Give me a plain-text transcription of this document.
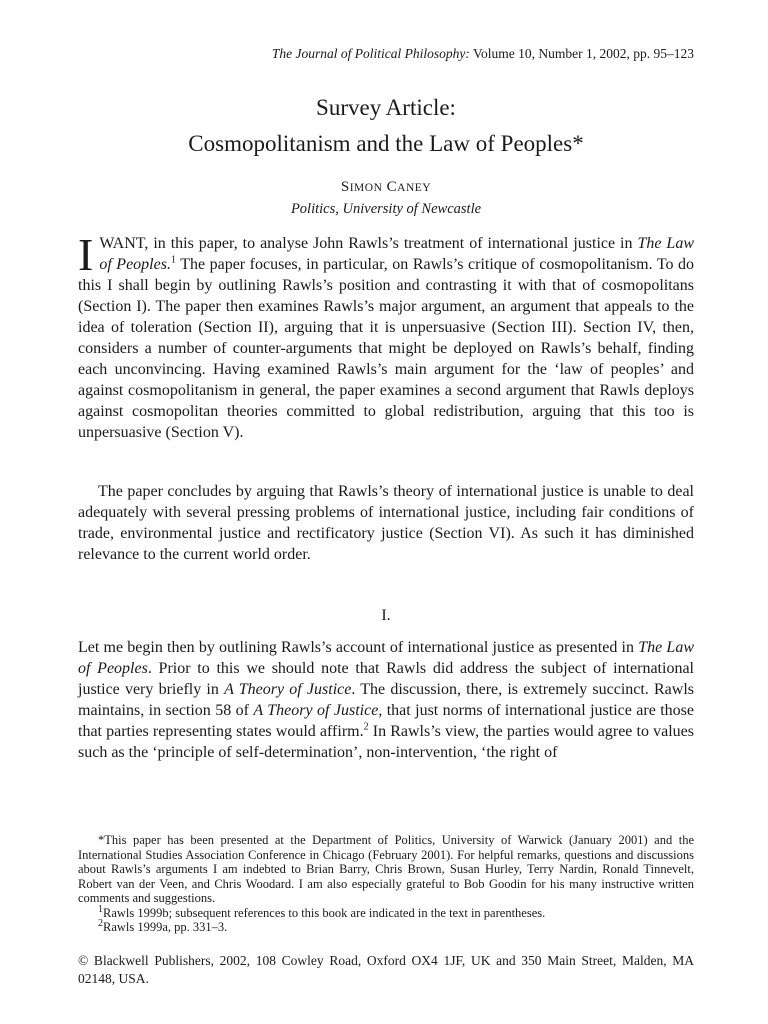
The Journal of Political Philosophy: Volume 10, Number 1, 2002, pp. 95–123
Survey Article:
Cosmopolitanism and the Law of Peoples*
SIMON CANEY
Politics, University of Newcastle
I WANT, in this paper, to analyse John Rawls’s treatment of international justice in The Law of Peoples.$^1$ The paper focuses, in particular, on Rawls’s critique of cosmopolitanism. To do this I shall begin by outlining Rawls’s position and contrasting it with that of cosmopolitans (Section I). The paper then examines Rawls’s major argument, an argument that appeals to the idea of toleration (Section II), arguing that it is unpersuasive (Section III). Section IV, then, considers a number of counter-arguments that might be deployed on Rawls’s behalf, finding each unconvincing. Having examined Rawls’s main argument for the ‘law of peoples’ and against cosmopolitanism in general, the paper examines a second argument that Rawls deploys against cosmopolitan theories committed to global redistribution, arguing that this too is unpersuasive (Section V).
The paper concludes by arguing that Rawls’s theory of international justice is unable to deal adequately with several pressing problems of international justice, including fair conditions of trade, environmental justice and rectificatory justice (Section VI). As such it has diminished relevance to the current world order.
I.
Let me begin then by outlining Rawls’s account of international justice as presented in The Law of Peoples. Prior to this we should note that Rawls did address the subject of international justice very briefly in A Theory of Justice. The discussion, there, is extremely succinct. Rawls maintains, in section 58 of A Theory of Justice, that just norms of international justice are those that parties representing states would affirm.$^2$ In Rawls’s view, the parties would agree to values such as the ‘principle of self-determination’, non-intervention, ‘the right of
*This paper has been presented at the Department of Politics, University of Warwick (January 2001) and the International Studies Association Conference in Chicago (February 2001). For helpful remarks, questions and discussions about Rawls’s arguments I am indebted to Brian Barry, Chris Brown, Susan Hurley, Terry Nardin, Ronald Tinnevelt, Robert van der Veen, and Chris Woodard. I am also especially grateful to Bob Goodin for his many instructive written comments and suggestions.
$^1$Rawls 1999b; subsequent references to this book are indicated in the text in parentheses.
$^2$Rawls 1999a, pp. 331–3.
© Blackwell Publishers, 2002, 108 Cowley Road, Oxford OX4 1JF, UK and 350 Main Street, Malden, MA 02148, USA.
